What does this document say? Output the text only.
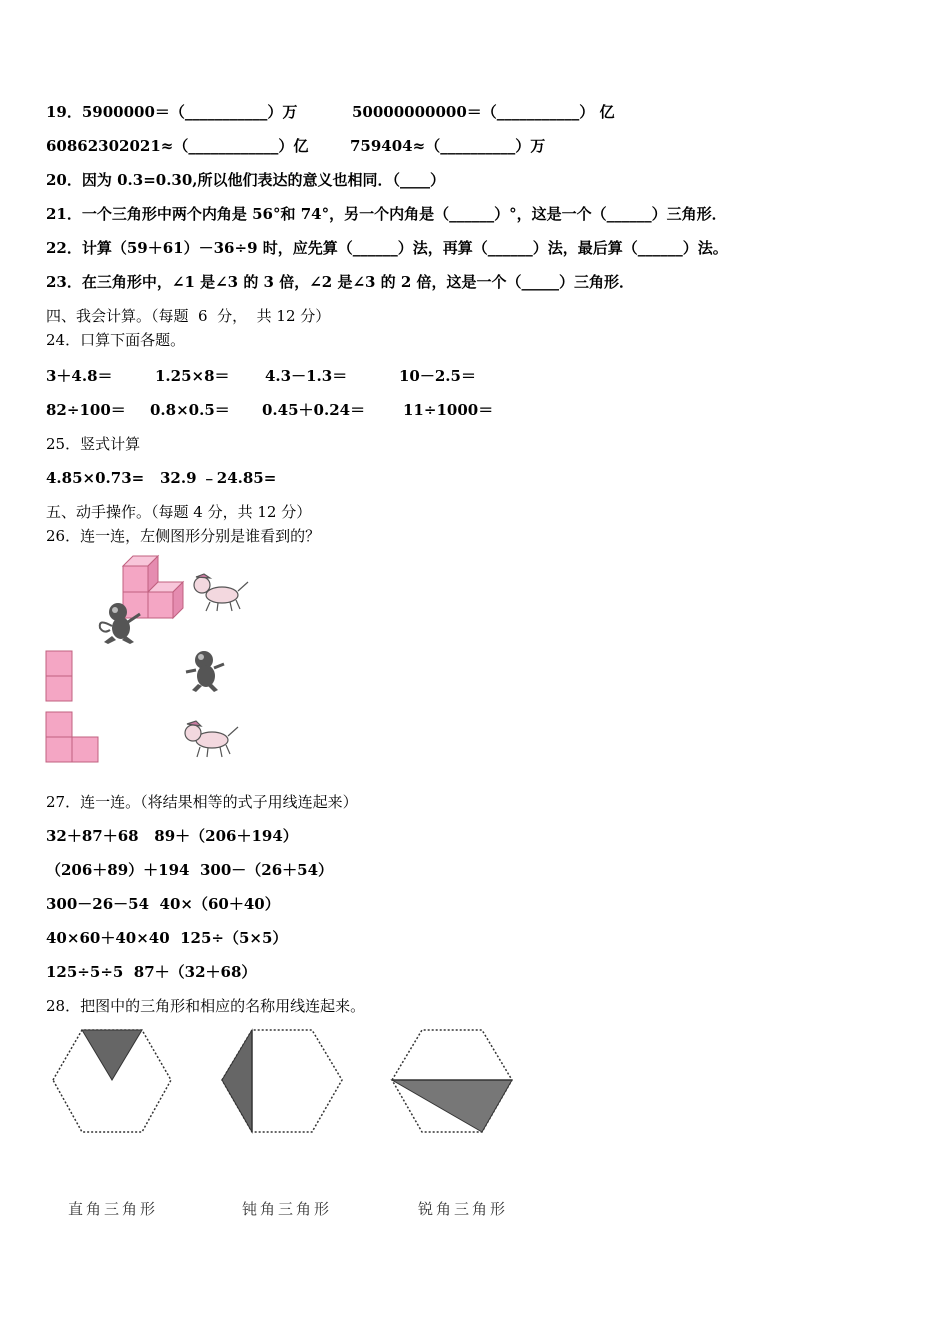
19．5900000＝（___________）万	50000000000＝（___________） 亿
60862302021≈（____________）亿	759404≈（__________）万
20．因为 0.3=0.30,所以他们表达的意义也相同．（____）
21．一个三角形中两个内角是 56°和 74°，另一个内角是（______）°，这是一个（______）三角形．
22．计算（59＋61）－36÷9 时，应先算（______）法，再算（______）法，最后算（______）法。
23．在三角形中，∠1 是∠3 的 3 倍，∠2 是∠3 的 2 倍，这是一个（_____）三角形．
四、我会计算。（每题  6  分，  共 12 分）
24．口算下面各题。
3＋4.8＝	1.25×8＝ 4.3－1.3＝	10－2.5＝
82÷100＝ 0.8×0.5＝ 0.45＋0.24＝	11÷1000＝
25．竖式计算
4.85×0.73= 32.9 ﹣24.85=
五、动手操作。（每题 4 分，共 12 分）
26．连一连，左侧图形分别是谁看到的？
27．连一连。（将结果相等的式子用线连起来）
32＋87＋68   89＋（206＋194）
（206＋89）＋194  300－（26＋54）
300－26－54  40×（60＋40）
40×60＋40×40  125÷（5×5）
125÷5÷5  87＋（32＋68）
28．把图中的三角形和相应的名称用线连起来。
直角三角形	钝角三角形	锐角三角形
